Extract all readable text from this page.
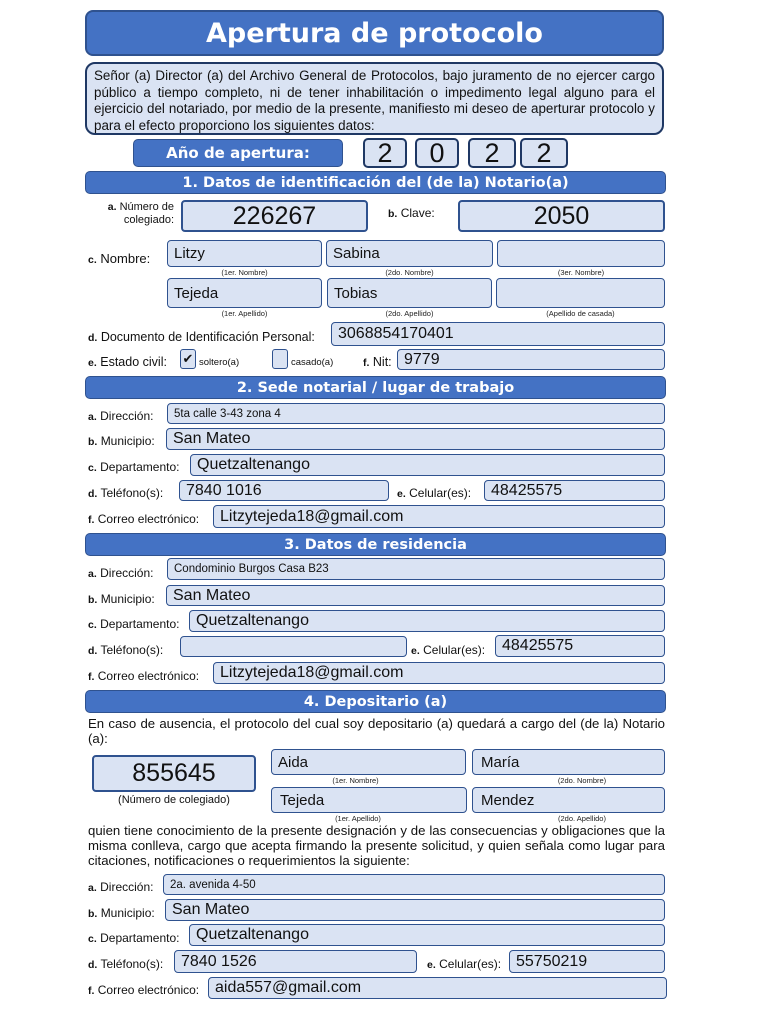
Apertura de protocolo
Señor (a) Director (a) del Archivo General de Protocolos, bajo juramento de no ejercer cargo público a tiempo completo, ni de tener inhabilitación o impedimento legal alguno para el ejercicio del notariado, por medio de la presente, manifiesto mi deseo de aperturar protocolo y para el efecto proporciono los siguientes datos:
Año de apertura:	2	0	2	2
1. Datos de identificación del (de la) Notario(a)
a. Número de colegiado:	226267	b. Clave:	2050
c. Nombre:	Litzy	Sabina
(1er. Nombre)	(2do. Nombre)	(3er. Nombre)
Tejeda	Tobias
(1er. Apellido)	(2do. Apellido)	(Apellido de casada)
d. Documento de Identificación Personal:	3068854170401
e. Estado civil: ✔ soltero(a)	casado(a)	f. Nit: 9779
2. Sede notarial / lugar de trabajo
a. Dirección:	5ta calle 3-43 zona 4
b. Municipio:	San Mateo
c. Departamento:	Quetzaltenango
d. Teléfono(s):	7840 1016	e. Celular(es):	48425575
f. Correo electrónico:	Litzytejeda18@gmail.com
3. Datos de residencia
a. Dirección:	Condominio Burgos Casa B23
b. Municipio:	San Mateo
c. Departamento:	Quetzaltenango
d. Teléfono(s):	e. Celular(es):	48425575
f. Correo electrónico:	Litzytejeda18@gmail.com
4. Depositario (a)
En caso de ausencia, el protocolo del cual soy depositario (a) quedará a cargo del (de la) Notario (a):
855645
(Número de colegiado)
Aida	María
(1er. Nombre)	(2do. Nombre)
Tejeda	Mendez
(1er. Apellido)	(2do. Apellido)
quien tiene conocimiento de la presente designación y de las consecuencias y obligaciones que la misma conlleva, cargo que acepta firmando la presente solicitud, y quien señala como lugar para citaciones, notificaciones o requerimientos la siguiente:
a. Dirección:	2a. avenida 4-50
b. Municipio:	San Mateo
c. Departamento:	Quetzaltenango
d. Teléfono(s):	7840 1526	e. Celular(es): 55750219
f. Correo electrónico: aida557@gmail.com
